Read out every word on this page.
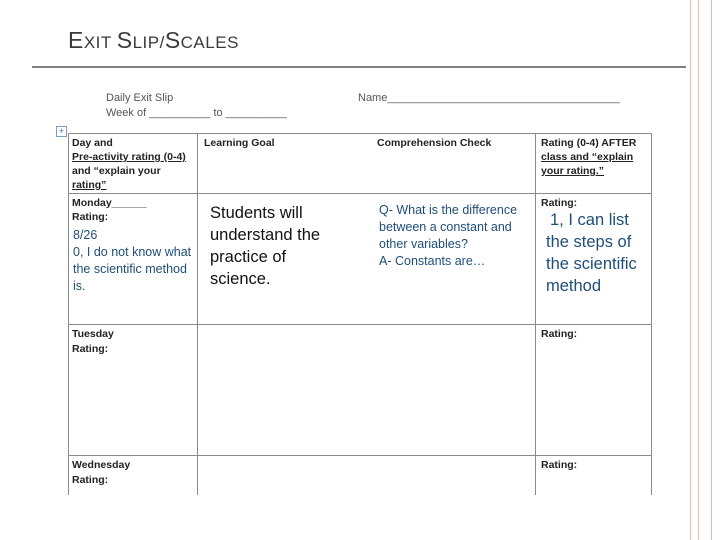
EXIT SLIP/SCALES
Daily Exit Slip
Week of __________ to __________
Name______________________________________
+
Day and
Pre-activity rating (0-4)
and “explain your
rating”
Learning Goal	Comprehension Check	Rating (0-4) AFTER
class and “explain
your rating.”
Monday______
Rating:
Rating:
Tuesday
Rating:
Rating:
Wednesday
Rating:
Rating:
8/26
0, I do not know what the scientific method is.
Students will understand the practice of science.
Q- What is the difference between a constant and other variables?
A- Constants are…
1, I can list the steps of the scientific method
